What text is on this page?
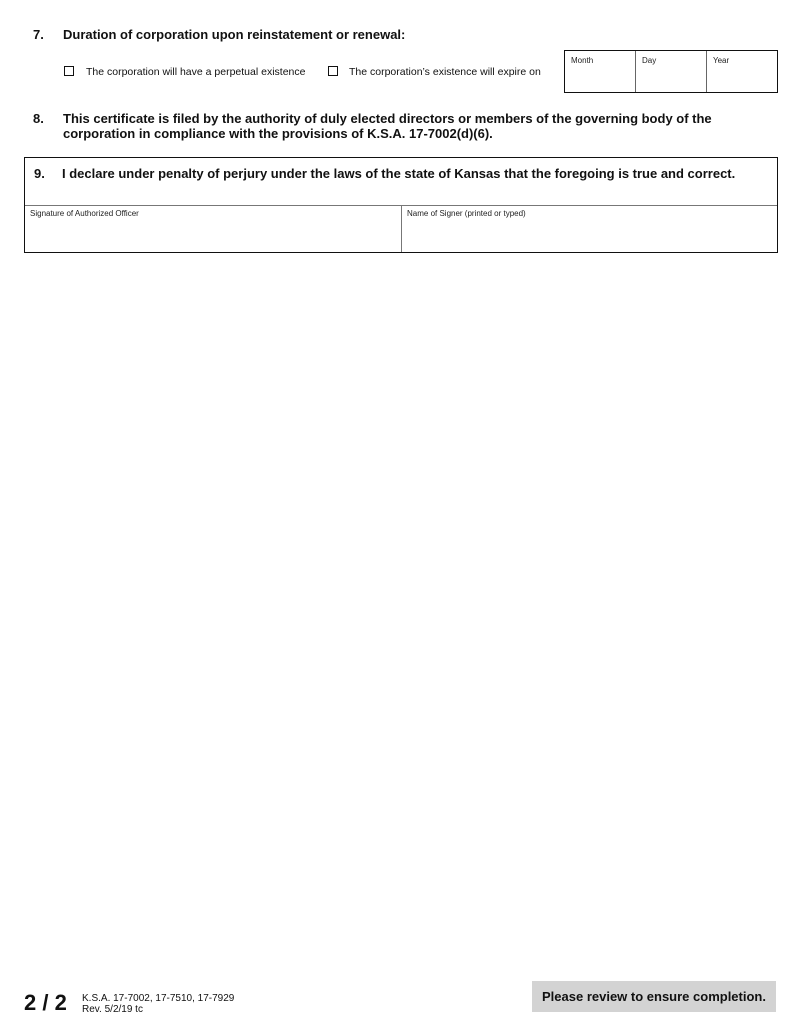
7. Duration of corporation upon reinstatement or renewal:
The corporation will have a perpetual existence	The corporation’s existence will expire on
Month	Day	Year
8. This certificate is filed by the authority of duly elected directors or members of the governing body of the
corporation in compliance with the provisions of K.S.A. 17-7002(d)(6).
9. I declare under penalty of perjury under the laws of the state of Kansas that the foregoing is true and correct.
Signature of Authorized Officer	Name of Signer (printed or typed)
2 / 2 K.S.A. 17-7002, 17-7510, 17-7929
Rev. 5/2/19 tc
Please review to ensure completion.
